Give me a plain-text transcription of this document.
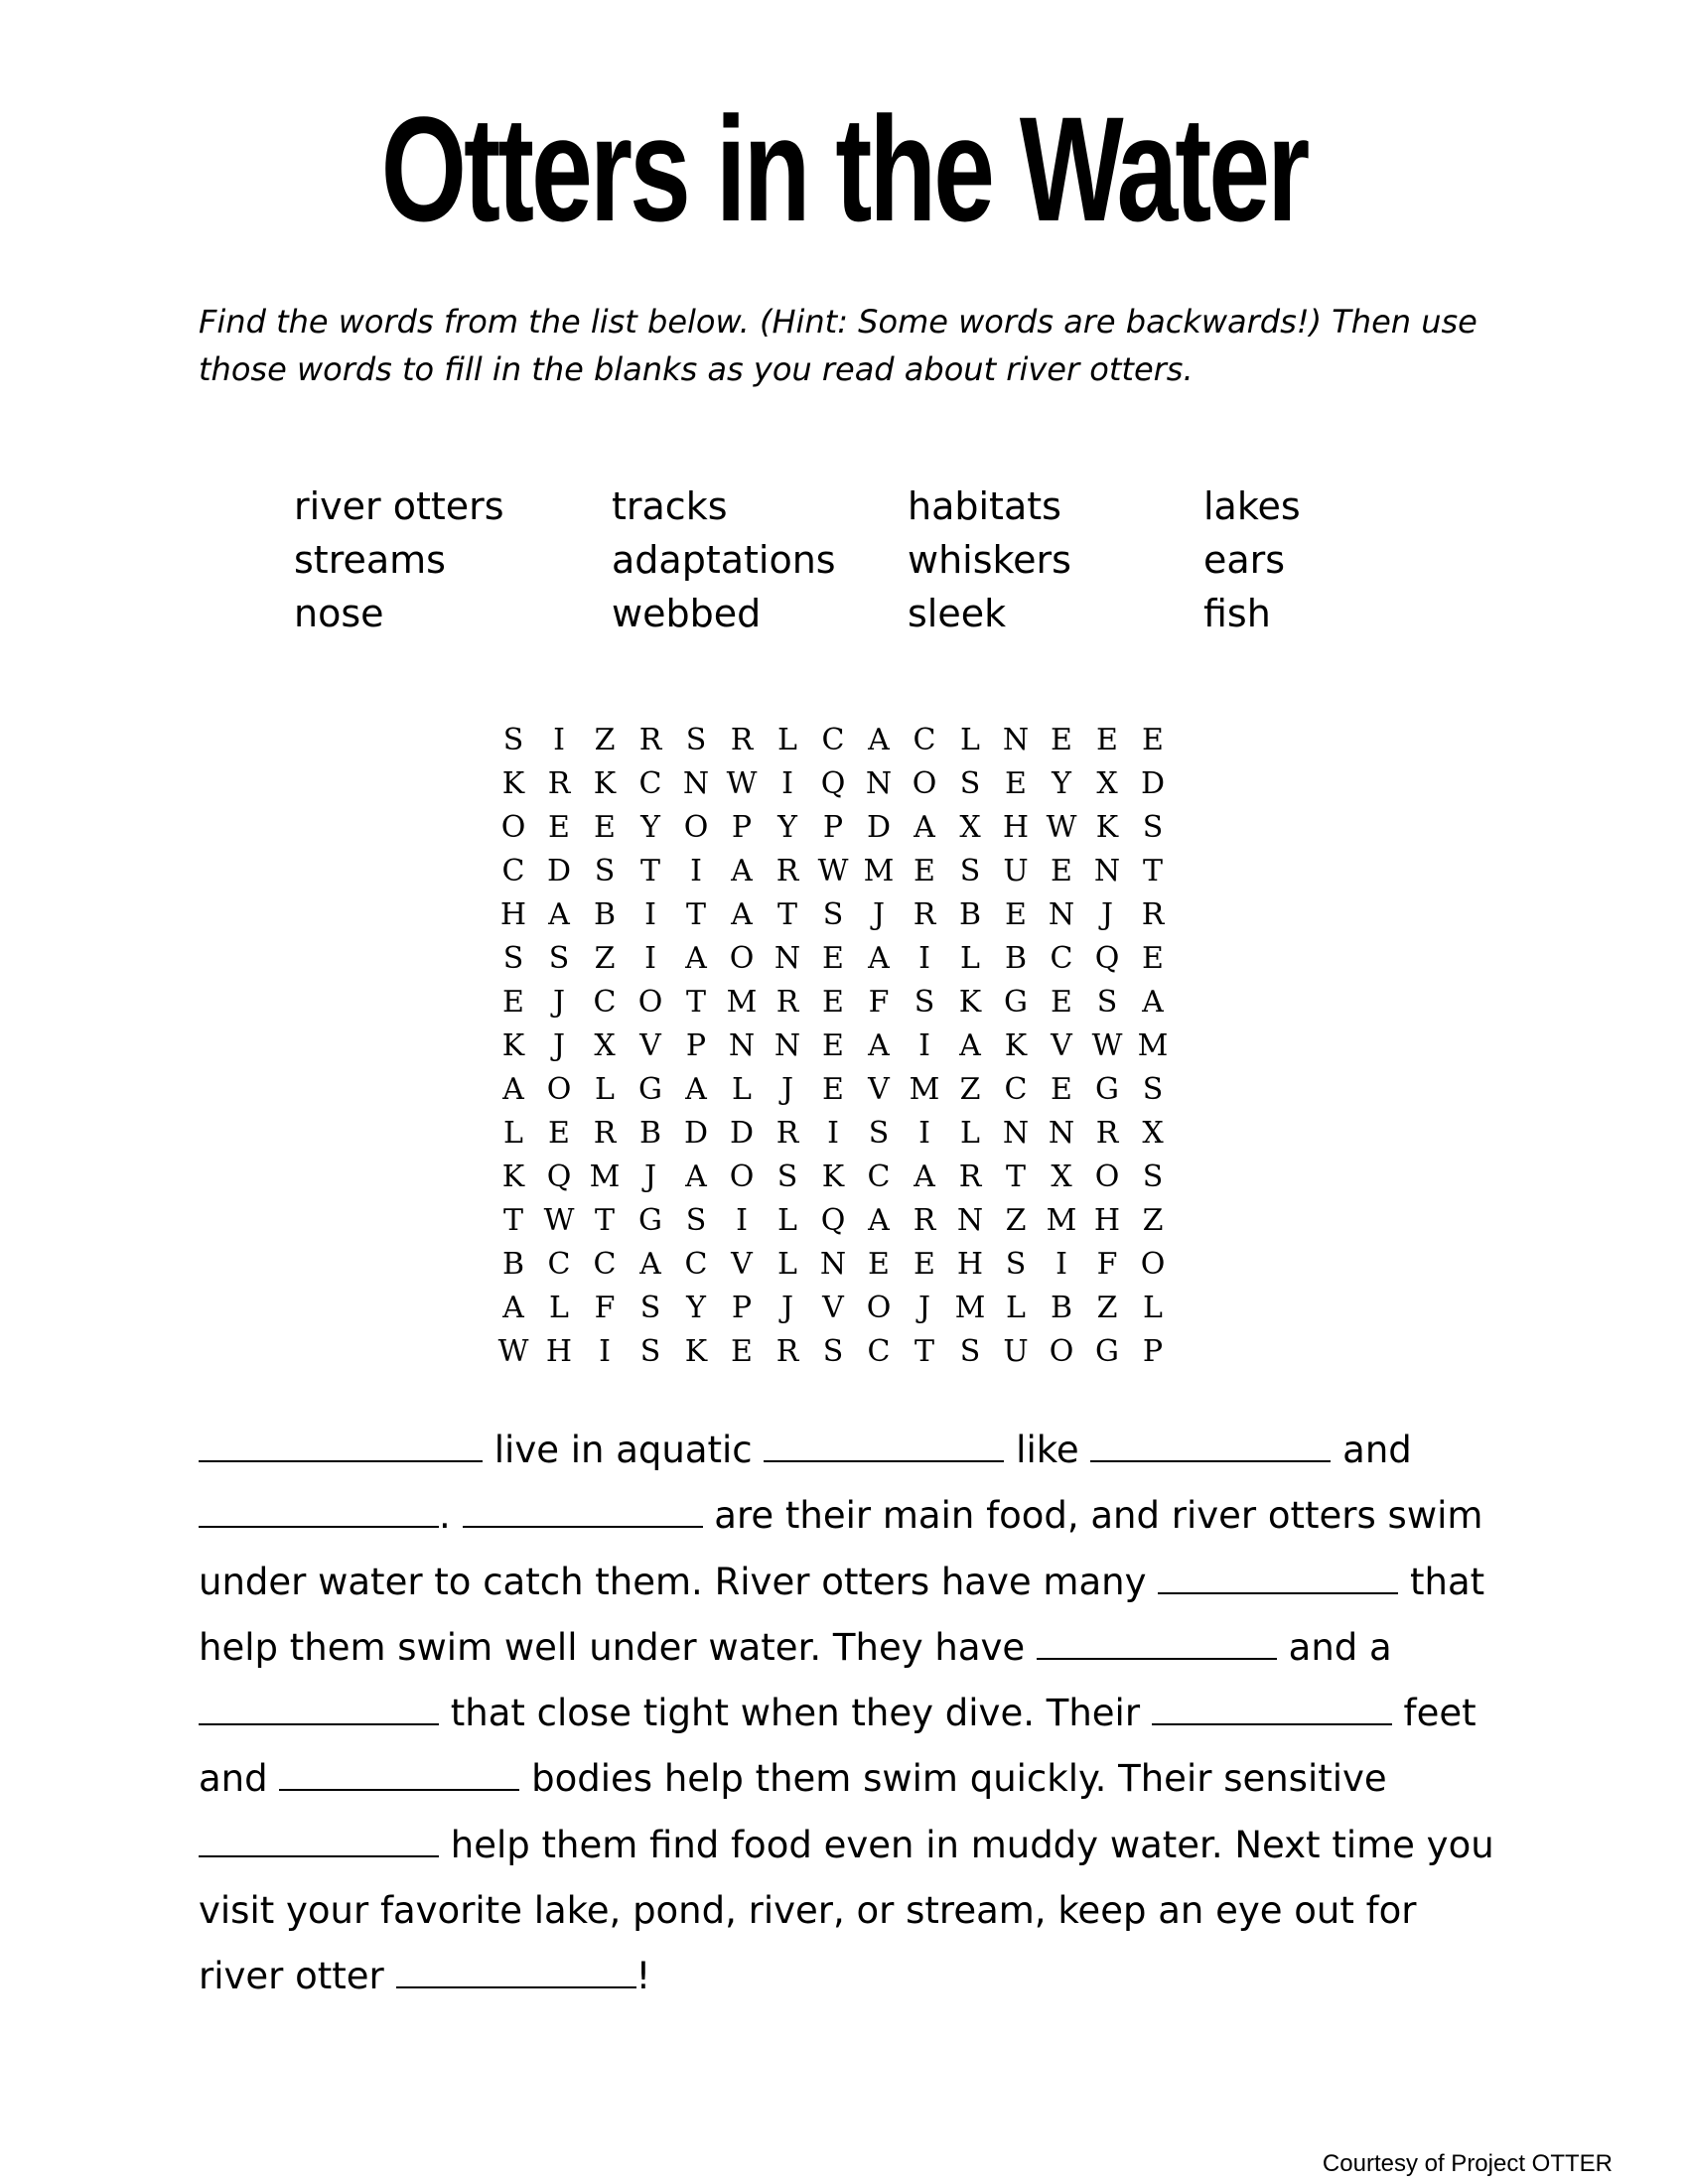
Otters in the Water
Find the words from the list below. (Hint: Some words are backwards!) Then use those words to fill in the blanks as you read about river otters.
river otters	tracks	habitats	lakes
streams	adaptations	whiskers	ears
nose	webbed	sleek	fish
S I Z R S R L C A C L N E E E
K R K C N W I Q N O S E Y X D
O E E Y O P Y P D A X H W K S
C D S T	I A R W M E S U E N T
H A B I	T A T S J R B E N J R
S S Z I A O N E A I	L B C Q E
E J C O T M R E F S K G E S A
K J X V P N N E A I A K V W M
A O L G A L	J E V M Z C E G S
L E R B D D R I S I	L N N R X
K Q M J A O S K C A R T X O S
T W T G S I	L Q A R N Z M H Z
B C C A C V L N E E H S I F O
A L F S Y P J V O J M L B Z L
W H I S K E R S C T S U O G P
live in aquatic	like	and
.	are their main food, and river otters swim
under water to catch them. River otters have many	that
help them swim well under water. They have	and a
that close tight when they dive. Their	feet
and	bodies help them swim quickly. Their sensitive
help them find food even in muddy water. Next time you
visit your favorite lake, pond, river, or stream, keep an eye out for
river otter	!
Courtesy of Project OTTER
